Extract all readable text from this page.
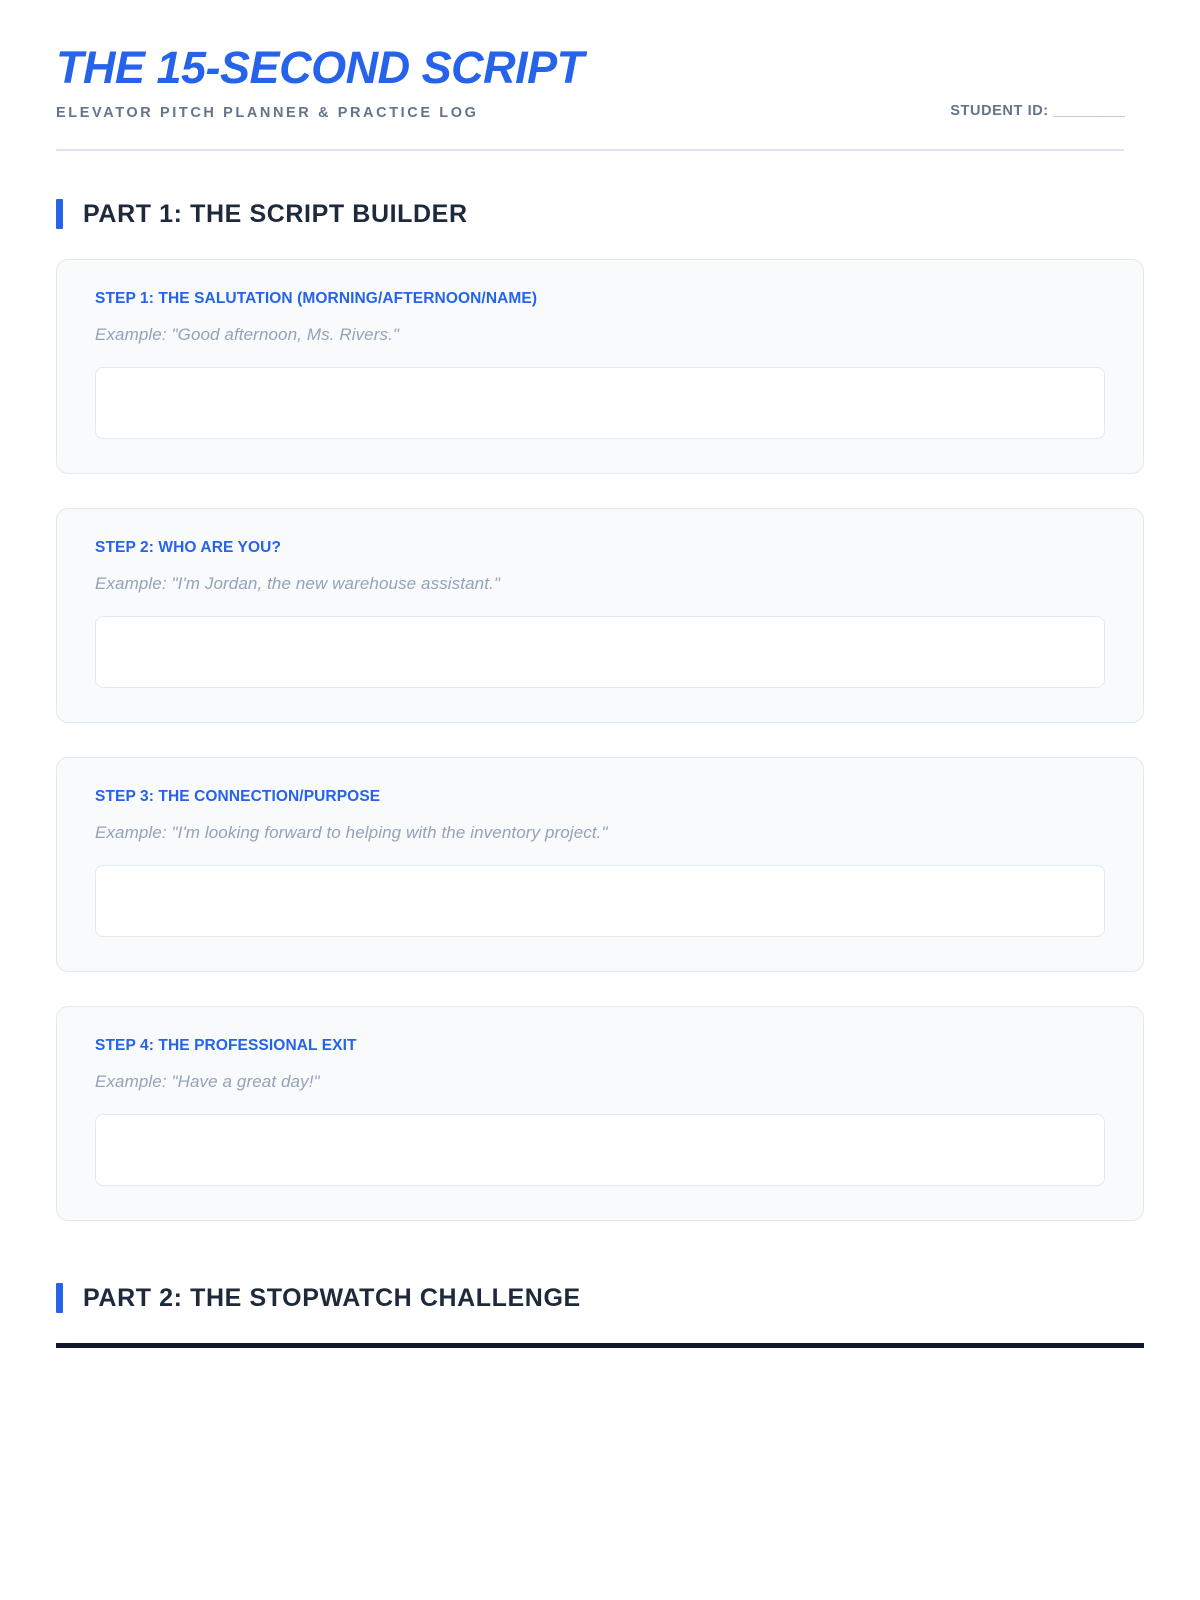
THE 15-SECOND SCRIPT
ELEVATOR PITCH PLANNER & PRACTICE LOG	STUDENT ID: __________
PART 1: THE SCRIPT BUILDER
STEP 1: THE SALUTATION (MORNING/AFTERNOON/NAME)
Example: "Good afternoon, Ms. Rivers."
STEP 2: WHO ARE YOU?
Example: "I'm Jordan, the new warehouse assistant."
STEP 3: THE CONNECTION/PURPOSE
Example: "I'm looking forward to helping with the inventory project."
STEP 4: THE PROFESSIONAL EXIT
Example: "Have a great day!"
PART 2: THE STOPWATCH CHALLENGE
